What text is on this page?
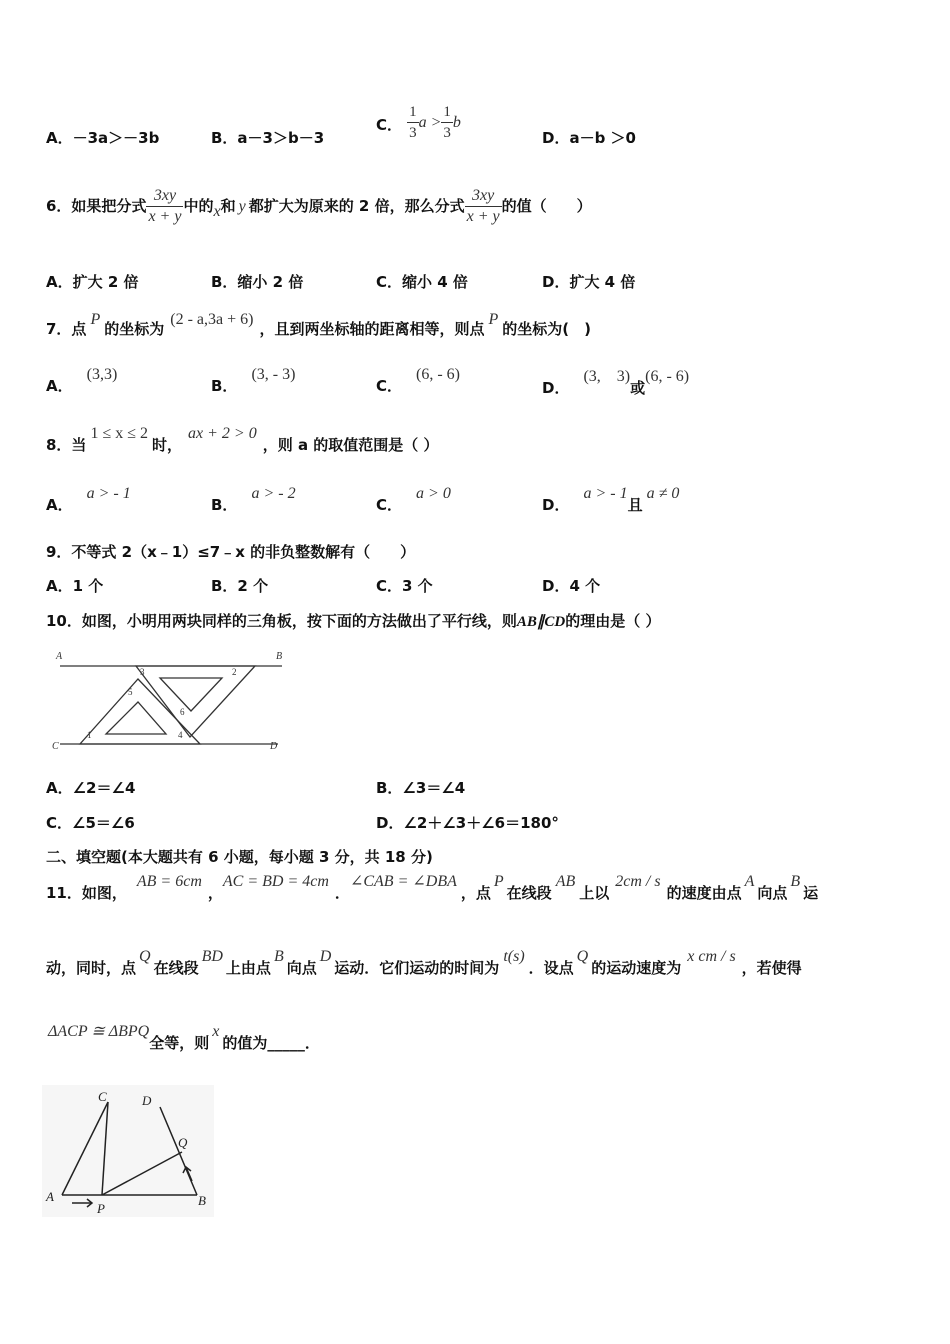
A．－3a＞－3b	B．a－3＞b－3
C． $\frac{1}{3}$ $a > \frac{1}{3}$ b
D．a－b ＞0
6．如果把分式 $\frac{3xy}{x + y}$ 中的x和 y 都扩大为原来的 2 倍，那么分式 $\frac{3xy}{x + y}$ 的值（　　）
A．扩大 2 倍	B．缩小 2 倍	C．缩小 4 倍	D．扩大 4 倍
7．点P的坐标为(2 - a,3a + 6)，且到两坐标轴的距离相等，则点P的坐标为(　)
A．(3,3)
B．(3, - 3)
C．(6, - 6)
D．(3,　3)或(6, - 6)
8．当1 ≤ x ≤ 2时，ax + 2 > 0，则 a 的取值范围是（ ）
A．a > - 1
B．a > - 2
C．a > 0
D．a > - 1且a ≠ 0
9．不等式 2（x﹣1）≤7﹣x 的非负整数解有（　　）
A．1 个	B．2 个	C．3 个	D．4 个
10．如图，小明用两块同样的三角板，按下面的方法做出了平行线，则AB∥CD的理由是（ ）
A	B
C	D
1
2
3
4
5
6
A．∠2＝∠4	B．∠3＝∠4
C．∠5＝∠6	D．∠2＋∠3＋∠6＝180°
二、填空题(本大题共有 6 小题，每小题 3 分，共 18 分)
11．如图，AB = 6cm，AC = BD = 4cm．∠CAB = ∠DBA，点P在线段AB上以2cm / s的速度由点A向点B运
动，同时，点Q在线段BD上由点B向点D运动．它们运动的时间为t(s)．设点Q的运动速度为x cm / s，若使得
ΔACP ≅ ΔBPQ全等，则x的值为_____．
A	B
C	D
P
Q
